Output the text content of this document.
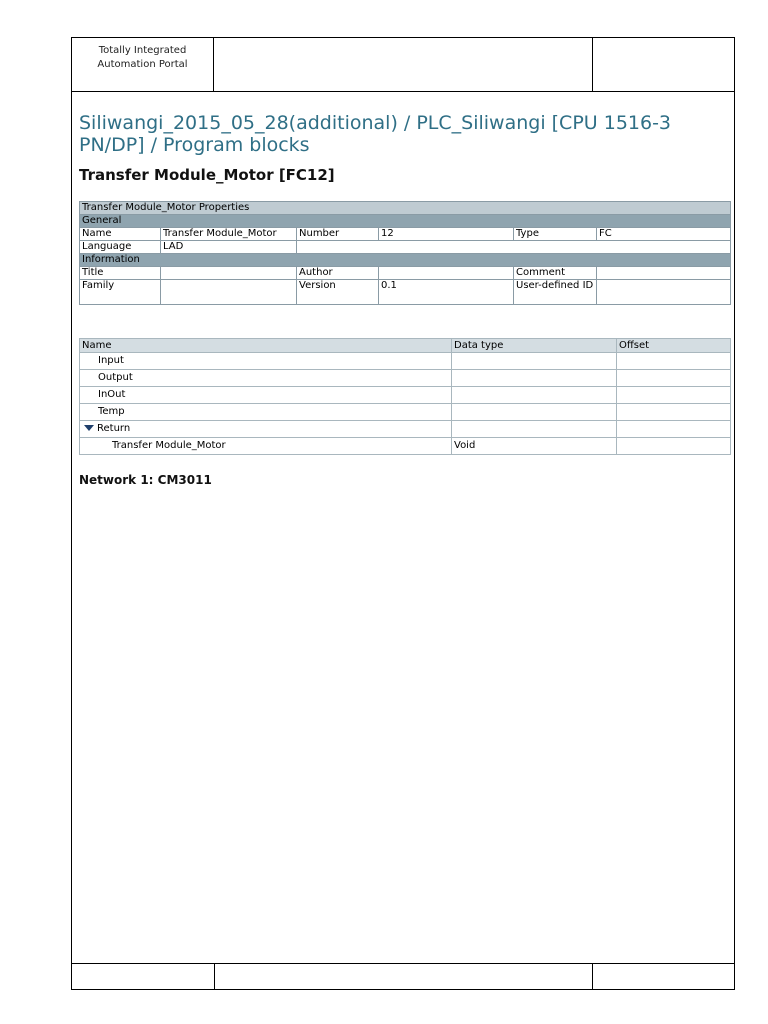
Totally Integrated
Automation Portal
Siliwangi_2015_05_28(additional) / PLC_Siliwangi [CPU 1516-3 PN/DP] / Program blocks
Transfer Module_Motor [FC12]
Transfer Module_Motor Properties					
General					
Name	Transfer Module_Motor	Number	12	Type	FC
Language	LAD				
Information					
Title		Author		Comment	
Family		Version	0.1	User-defined ID	
Name	Data type	Offset
Input		
Output		
InOut		
Temp		
Return		
Transfer Module_Motor	Void	
Network 1: CM3011
